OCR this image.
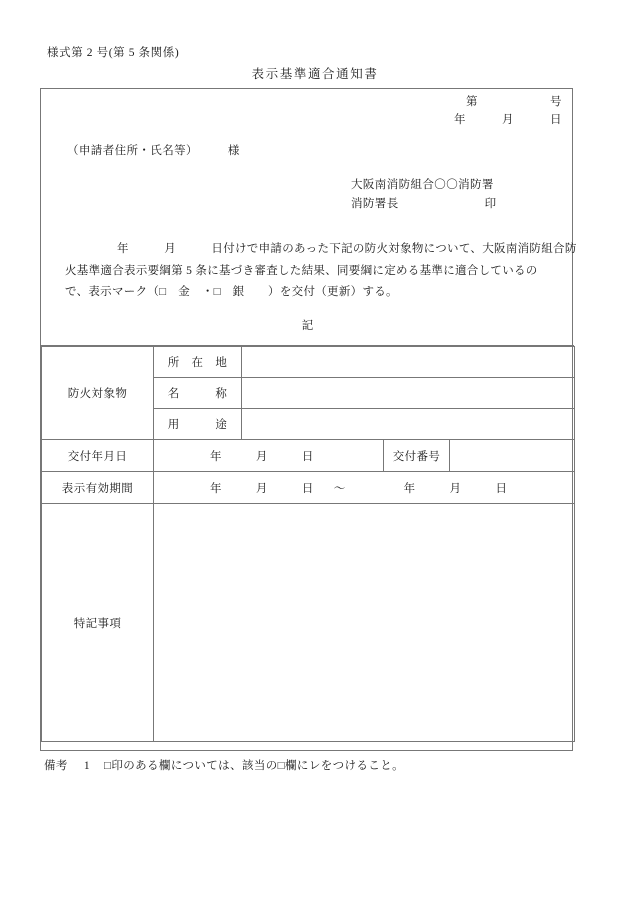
様式第 2 号(第 5 条関係)
表示基準適合通知書
第　　　　　　号
年　　　月　　　日
（申請者住所・氏名等）　　　様
大阪南消防組合〇〇消防署
消防署長	印
年　　　月　　　日付けで申請のあった下記の防火対象物について、大阪南消防組合防
火基準適合表示要綱第 5 条に基づき審査した結果、同要綱に定める基準に適合しているの
で、表示マーク（□　金　・□　銀　　）を交付（更新）する。
記
防火対象物	所　在　地			
	名　　　称			
	用　　　途			
交付年月日	年 月 日		交付番号	
表示有効期間	年 月 日 ～ 年 月 日			
特記事項				
備考 1 □印のある欄については、該当の□欄にレをつけること。
